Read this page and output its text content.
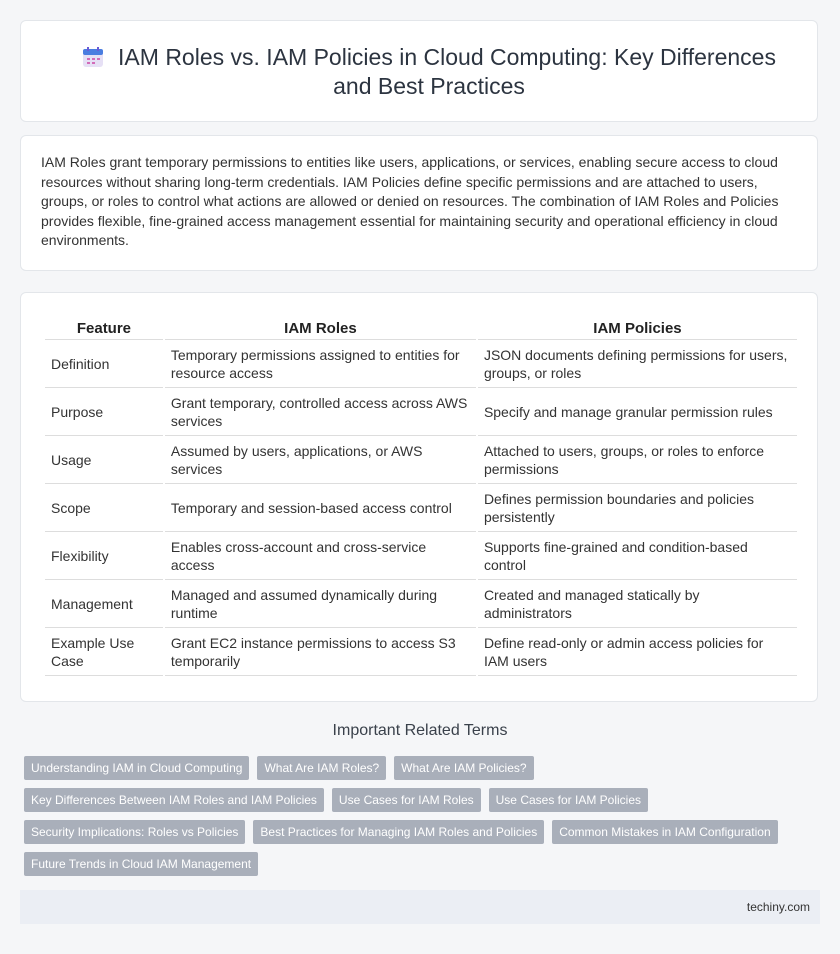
IAM Roles vs. IAM Policies in Cloud Computing: Key Differences and Best Practices

IAM Roles grant temporary permissions to entities like users, applications, or services, enabling secure access to cloud resources without sharing long-term credentials. IAM Policies define specific permissions and are attached to users, groups, or roles to control what actions are allowed or denied on resources. The combination of IAM Roles and Policies provides flexible, fine-grained access management essential for maintaining security and operational efficiency in cloud environments.

Feature	IAM Roles	IAM Policies
Definition	Temporary permissions assigned to entities for resource access	JSON documents defining permissions for users, groups, or roles
Purpose	Grant temporary, controlled access across AWS services	Specify and manage granular permission rules
Usage	Assumed by users, applications, or AWS services	Attached to users, groups, or roles to enforce permissions
Scope	Temporary and session-based access control	Defines permission boundaries and policies persistently
Flexibility	Enables cross-account and cross-service access	Supports fine-grained and condition-based control
Management	Managed and assumed dynamically during runtime	Created and managed statically by administrators
Example Use Case	Grant EC2 instance permissions to access S3 temporarily	Define read-only or admin access policies for IAM users
Important Related Terms
Understanding IAM in Cloud Computing	What Are IAM Roles?	What Are IAM Policies?
Key Differences Between IAM Roles and IAM Policies	Use Cases for IAM Roles	Use Cases for IAM Policies
Security Implications: Roles vs Policies	Best Practices for Managing IAM Roles and Policies	Common Mistakes in IAM Configuration
Future Trends in Cloud IAM Management
techiny.com
